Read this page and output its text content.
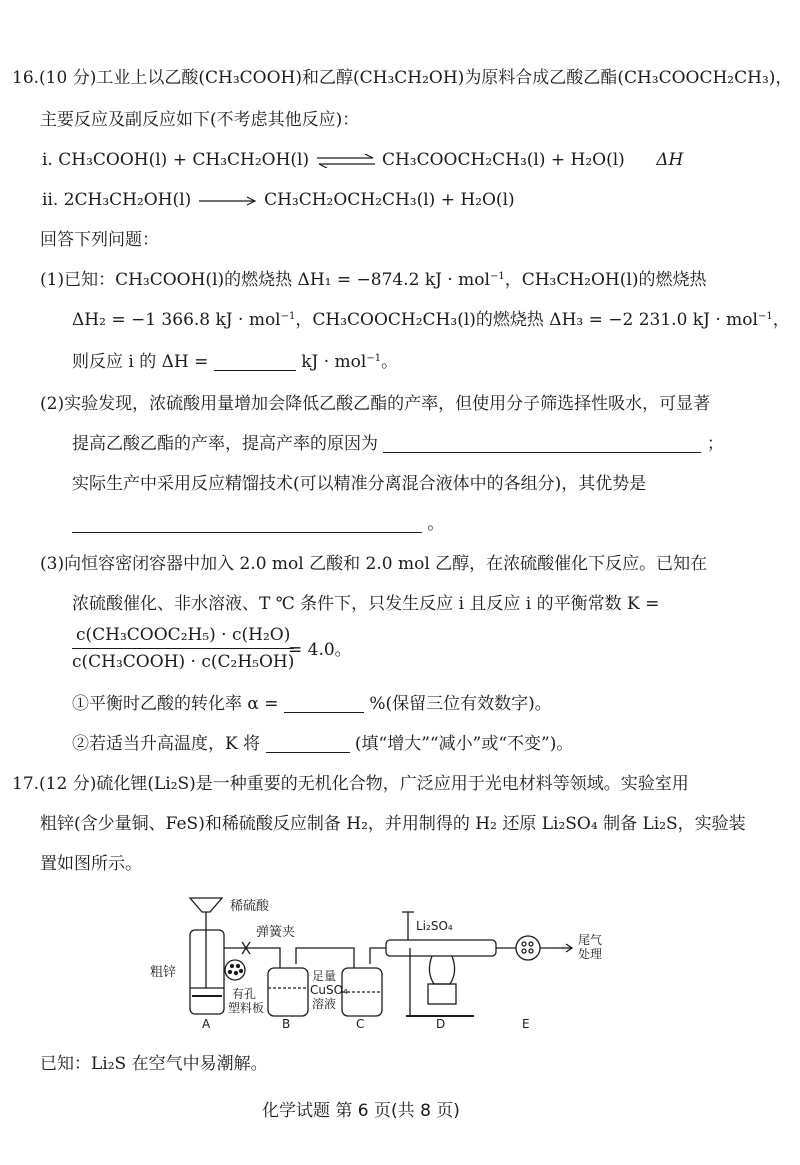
16.(10 分)工业上以乙酸(CH₃COOH)和乙醇(CH₃CH₂OH)为原料合成乙酸乙酯(CH₃COOCH₂CH₃)，
主要反应及副反应如下(不考虑其他反应)：
ⅰ. CH₃COOH(l) + CH₃CH₂OH(l) ⇌ CH₃COOCH₂CH₃(l) + H₂O(l) ΔH
ⅱ. 2CH₃CH₂OH(l)	CH₃CH₂OCH₂CH₃(l) + H₂O(l)
回答下列问题：
(1)已知：CH₃COOH(l)的燃烧热 ΔH₁ = −874.2 kJ · mol$^{-1}$，CH₃CH₂OH(l)的燃烧热
ΔH₂ = −1 366.8 kJ · mol$^{-1}$，CH₃COOCH₂CH₃(l)的燃烧热 ΔH₃ = −2 231.0 kJ · mol$^{-1}$，
则反应 ⅰ 的 ΔH =	kJ · mol$^{-1}$。
(2)实验发现，浓硫酸用量增加会降低乙酸乙酯的产率，但使用分子筛选择性吸水，可显著
提高乙酸乙酯的产率，提高产率的原因为	；
实际生产中采用反应精馏技术(可以精准分离混合液体中的各组分)，其优势是
。
(3)向恒容密闭容器中加入 2.0 mol 乙酸和 2.0 mol 乙醇，在浓硫酸催化下反应。已知在
浓硫酸催化、非水溶液、T ℃ 条件下，只发生反应 ⅰ 且反应 ⅰ 的平衡常数 K =
c(CH₃COOC₂H₅) · c(H₂O)
c(CH₃COOH) · c(C₂H₅OH)
= 4.0。
①平衡时乙酸的转化率 α =	%(保留三位有效数字)。
②若适当升高温度，K 将	(填“增大”“减小”或“不变”)。
17.(12 分)硫化锂(Li₂S)是一种重要的无机化合物，广泛应用于光电材料等领域。实验室用
粗锌(含少量铜、FeS)和稀硫酸反应制备 H₂，并用制得的 H₂ 还原 Li₂SO₄ 制备 Li₂S，实验装
置如图所示。
稀硫酸
弹簧夹
粗锌
有孔
塑料板
足量
CuSO₄
溶液
Li₂SO₄
尾气
处理
A	B	C	D	E
已知：Li₂S 在空气中易潮解。
化学试题 第 6 页(共 8 页)
